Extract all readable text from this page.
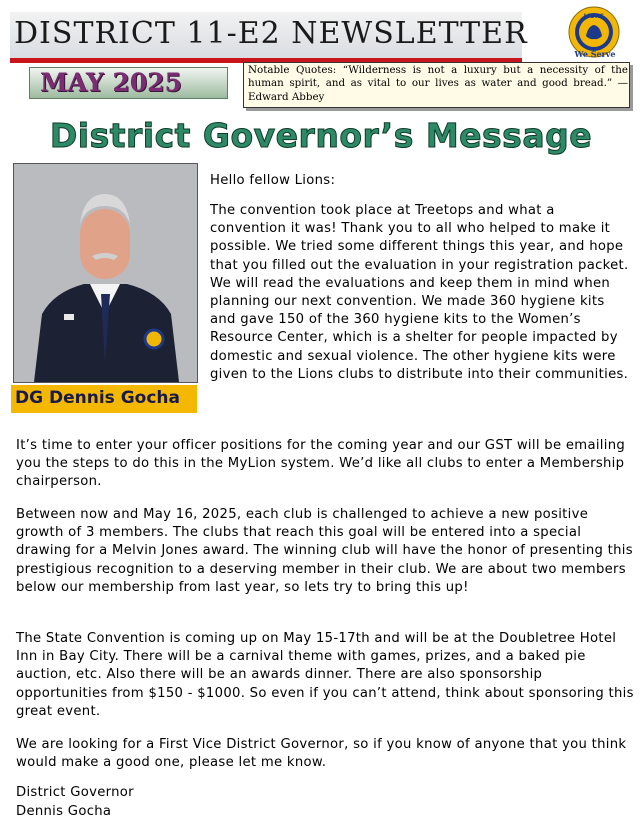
DISTRICT 11-E2 NEWSLETTER	LIONS
We Serve
MAY 2025	Notable Quotes: “Wilderness is not a luxury but a necessity of the human spirit, and as vital to our lives as water and good bread.” — Edward Abbey
District Governor’s Message
DG Dennis Gocha

Hello fellow Lions:

The convention took place at Treetops and what a convention it was! Thank you to all who helped to make it possible. We tried some different things this year, and hope that you filled out the evaluation in your registration packet. We will read the evaluations and keep them in mind when planning our next convention. We made 360 hygiene kits and gave 150 of the 360 hygiene kits to the Women’s Resource Center, which is a shelter for people impacted by domestic and sexual violence. The other hygiene kits were given to the Lions clubs to distribute into their communities.

It’s time to enter your officer positions for the coming year and our GST will be emailing you the steps to do this in the MyLion system. We’d like all clubs to enter a Membership chairperson.

Between now and May 16, 2025, each club is challenged to achieve a new positive growth of 3 members. The clubs that reach this goal will be entered into a special drawing for a Melvin Jones award. The winning club will have the honor of presenting this prestigious recognition to a deserving member in their club. We are about two members below our membership from last year, so lets try to bring this up!

The State Convention is coming up on May 15-17th and will be at the Doubletree Hotel Inn in Bay City. There will be a carnival theme with games, prizes, and a baked pie auction, etc. Also there will be an awards dinner. There are also sponsorship opportunities from $150 - $1000. So even if you can’t attend, think about sponsoring this great event.

We are looking for a First Vice District Governor, so if you know of anyone that you think would make a good one, please let me know.

District Governor
Dennis Gocha
